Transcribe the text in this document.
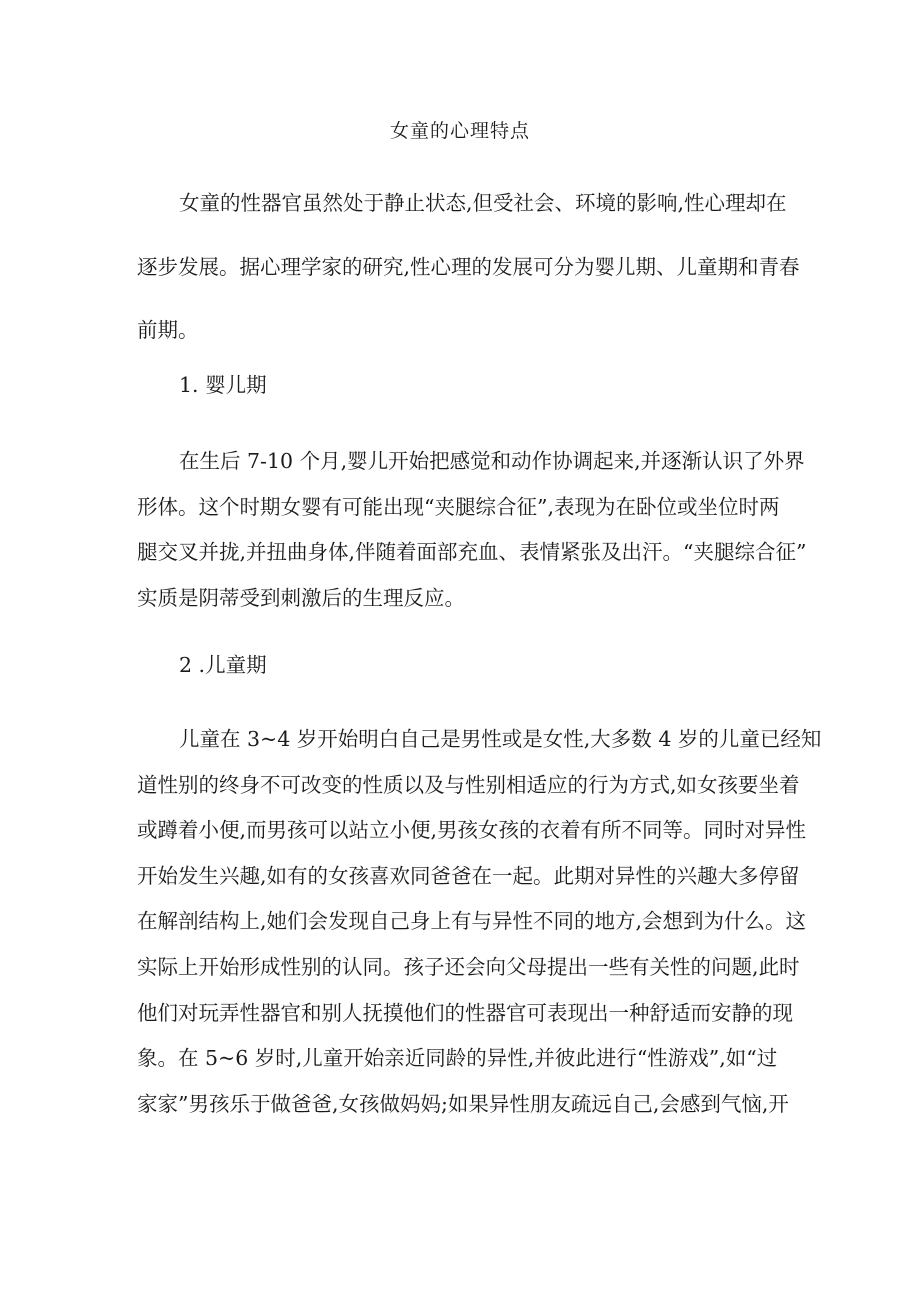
女童的心理特点
女童的性器官虽然处于静止状态,但受社会、环境的影响,性心理却在
逐步发展。据心理学家的研究,性心理的发展可分为婴儿期、儿童期和青春
前期。
1. 婴儿期
在生后 7-10 个月,婴儿开始把感觉和动作协调起来,并逐渐认识了外界
形体。这个时期女婴有可能出现“夹腿综合征”,表现为在卧位或坐位时两
腿交叉并拢,并扭曲身体,伴随着面部充血、表情紧张及出汗。“夹腿综合征”
实质是阴蒂受到刺激后的生理反应。
2 .儿童期
儿童在 3~4 岁开始明白自己是男性或是女性,大多数 4 岁的儿童已经知
道性别的终身不可改变的性质以及与性别相适应的行为方式,如女孩要坐着
或蹲着小便,而男孩可以站立小便,男孩女孩的衣着有所不同等。同时对异性
开始发生兴趣,如有的女孩喜欢同爸爸在一起。此期对异性的兴趣大多停留
在解剖结构上,她们会发现自己身上有与异性不同的地方,会想到为什么。这
实际上开始形成性别的认同。孩子还会向父母提出一些有关性的问题,此时
他们对玩弄性器官和别人抚摸他们的性器官可表现出一种舒适而安静的现
象。在 5~6 岁时,儿童开始亲近同龄的异性,并彼此进行“性游戏”,如“过
家家”男孩乐于做爸爸,女孩做妈妈;如果异性朋友疏远自己,会感到气恼,开
